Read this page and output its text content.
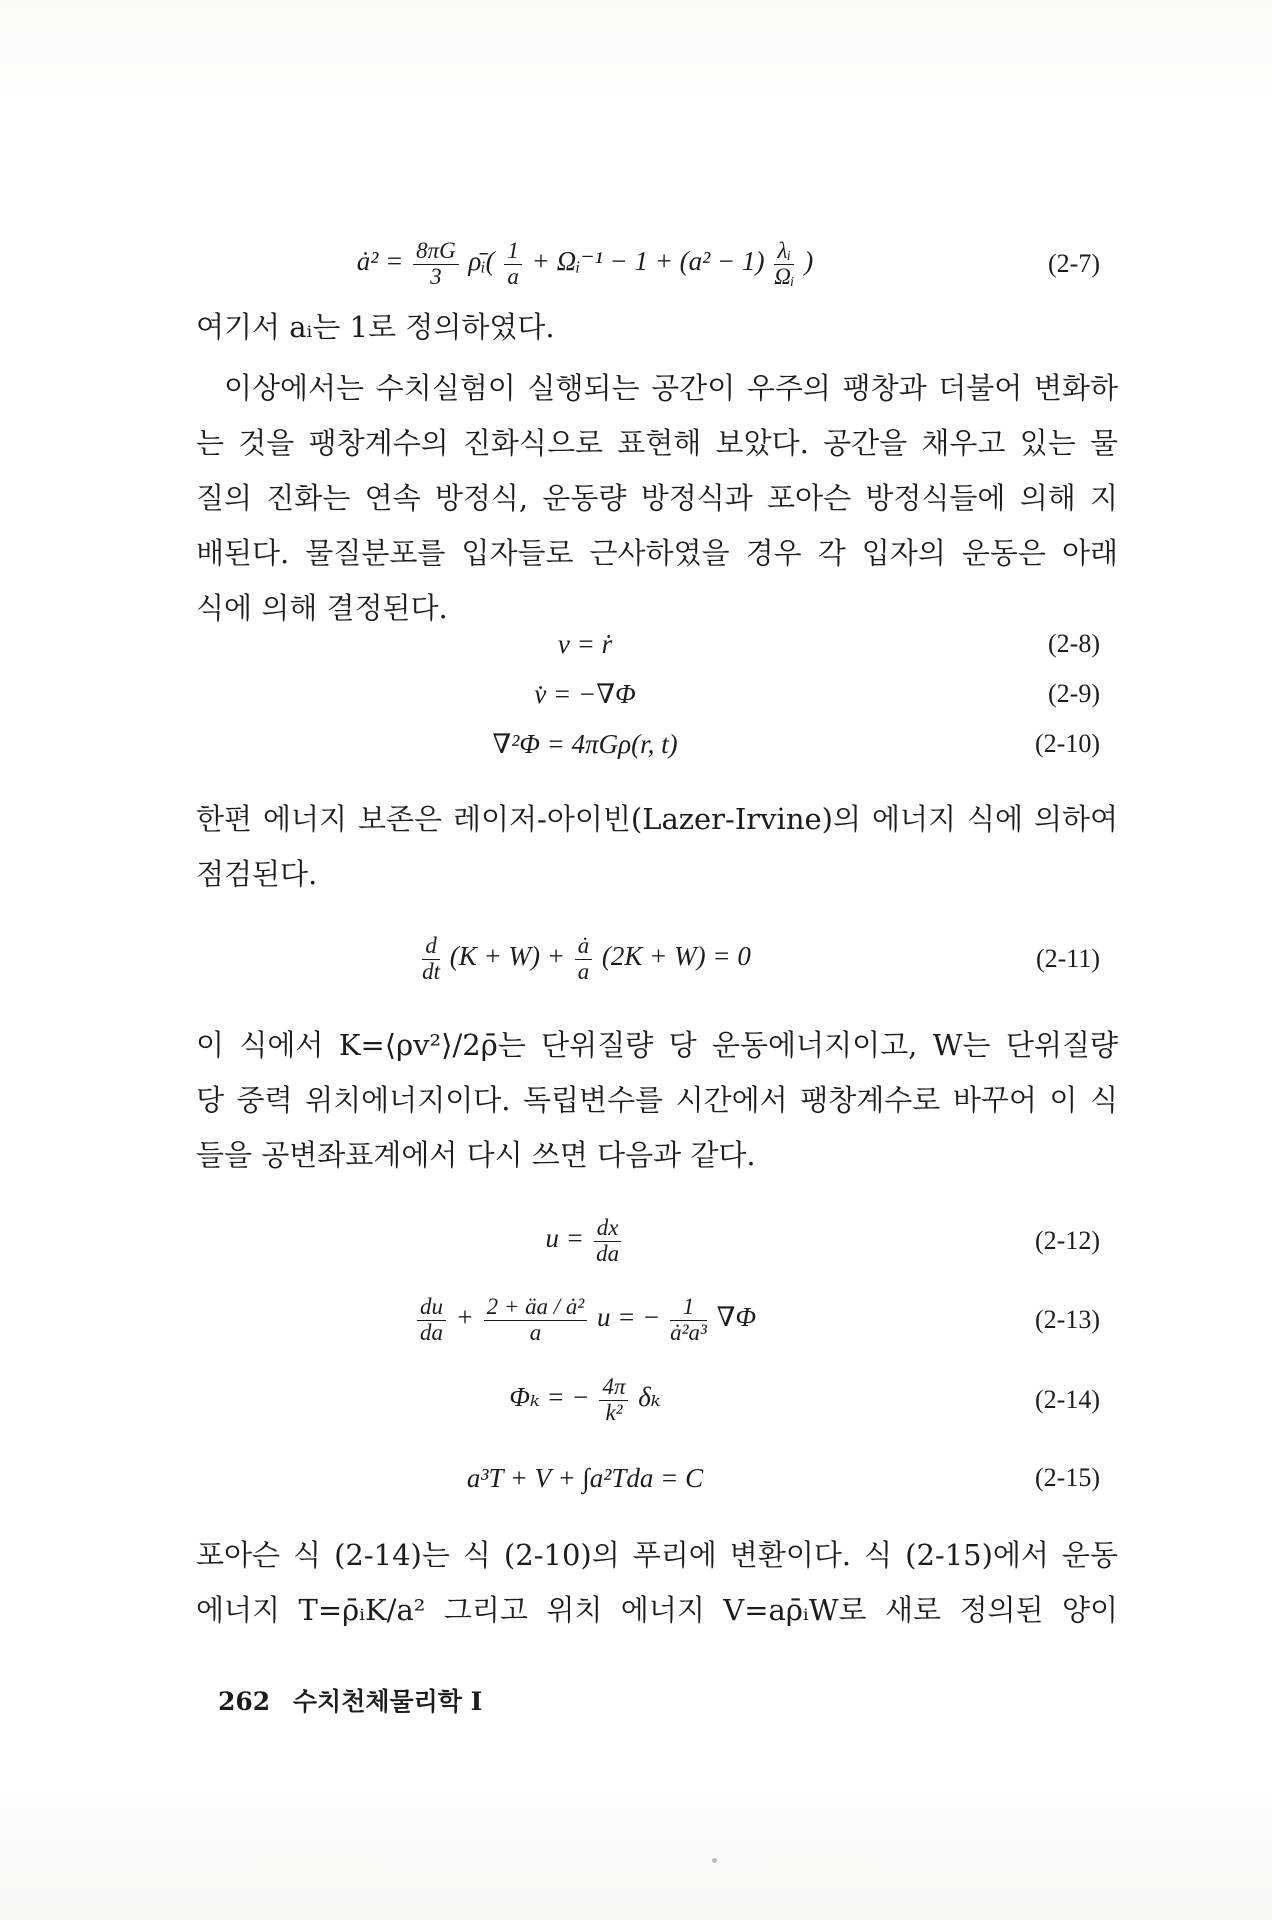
ȧ² = $\frac{8\pi G}{3}$ ρ̄ᵢ( $\frac{1}{a}$ + Ωᵢ⁻¹ − $1 + (a^2 - 1) \frac{\text{λᵢ}}{\text{Ωᵢ}}$ )	(2-7)
여기서 aᵢ는 1로 정의하였다.
이상에서는 수치실험이 실행되는 공간이 우주의 팽창과 더불어 변화하
는 것을 팽창계수의 진화식으로 표현해 보았다. 공간을 채우고 있는 물
질의 진화는 연속 방정식, 운동량 방정식과 포아슨 방정식들에 의해 지
배된다. 물질분포를 입자들로 근사하였을 경우 각 입자의 운동은 아래
식에 의해 결정된다.
v = ṙ	(2-8)
v̇ = −∇Φ	(2-9)
∇²Φ = 4πGρ(r, t)	(2-10)
한편 에너지 보존은 레이저-아이빈(Lazer-Irvine)의 에너지 식에 의하여
점검된다.
$\frac{d}{dt} (K + W) + \frac{ȧ}{a} (2K + W) = 0$	(2-11)
이 식에서 K=⟨ρv²⟩/2ρ̄는 단위질량 당 운동에너지이고, W는 단위질량
당 중력 위치에너지이다. 독립변수를 시간에서 팽창계수로 바꾸어 이 식
들을 공변좌표계에서 다시 쓰면 다음과 같다.
$u = \frac{dx}{da}$	(2-12)
$\frac{du}{da} + \frac{\text{2 + äa / ȧ²}}{a}$ u = − $\frac{1}{\text{ȧ²a³}} \nabla\Phi$	(2-13)
Φₖ = − $\frac{4\pi}{\text{k²}}$ δₖ	(2-14)
a³T + V + ∫a²Tda = C	(2-15)
포아슨 식 (2-14)는 식 (2-10)의 푸리에 변환이다. 식 (2-15)에서 운동
에너지 T=ρ̄ᵢK/a² 그리고 위치 에너지 V=aρ̄ᵢW로 새로 정의된 양이
262 수치천체물리학 I
